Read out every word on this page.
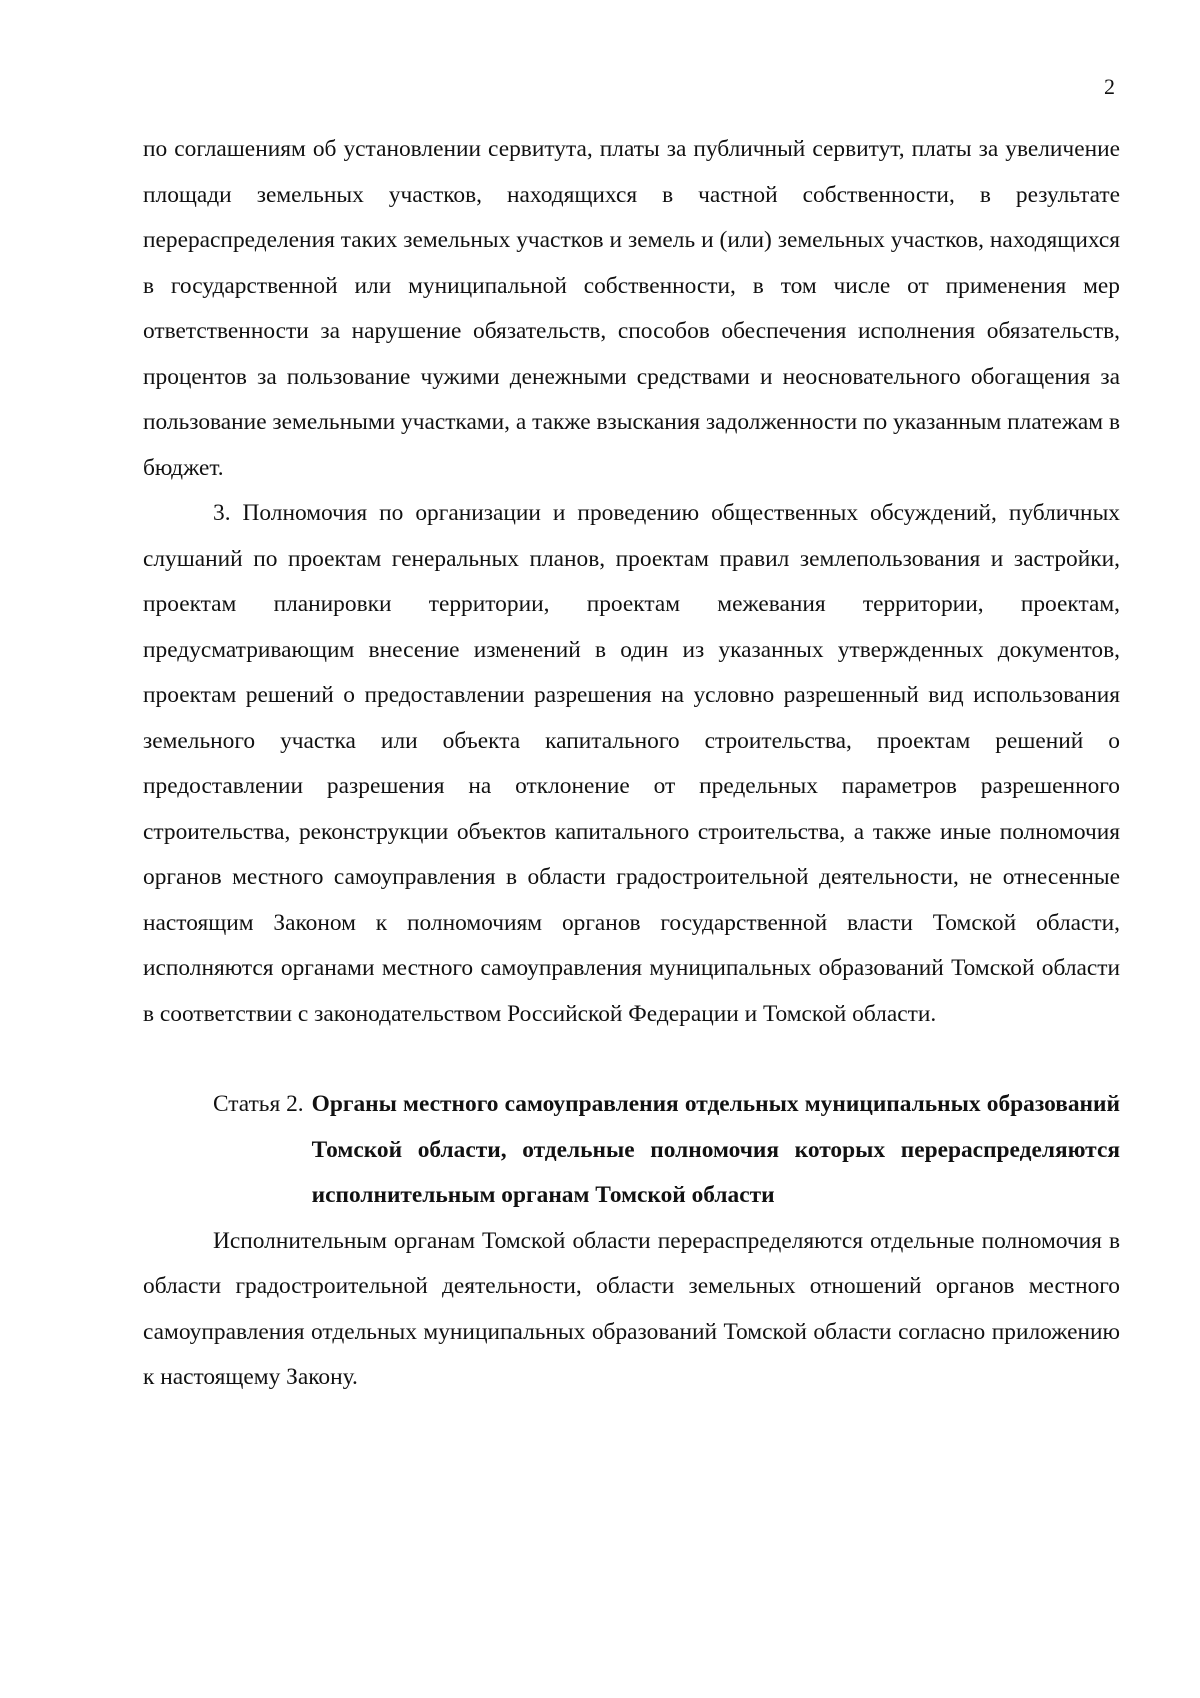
2

по соглашениям об установлении сервитута, платы за публичный сервитут, платы за увеличение площади земельных участков, находящихся в частной собственности, в результате перераспределения таких земельных участков и земель и (или) земельных участков, находящихся в государственной или муниципальной собственности, в том числе от применения мер ответственности за нарушение обязательств, способов обеспечения исполнения обязательств, процентов за пользование чужими денежными средствами и неосновательного обогащения за пользование земельными участками, а также взыскания задолженности по указанным платежам в бюджет.

3. Полномочия по организации и проведению общественных обсуждений, публичных слушаний по проектам генеральных планов, проектам правил землепользования и застройки, проектам планировки территории, проектам межевания территории, проектам, предусматривающим внесение изменений в один из указанных утвержденных документов, проектам решений о предоставлении разрешения на условно разрешенный вид использования земельного участка или объекта капитального строительства, проектам решений о предоставлении разрешения на отклонение от предельных параметров разрешенного строительства, реконструкции объектов капитального строительства, а также иные полномочия органов местного самоуправления в области градостроительной деятельности, не отнесенные настоящим Законом к полномочиям органов государственной власти Томской области, исполняются органами местного самоуправления муниципальных образований Томской области в соответствии с законодательством Российской Федерации и Томской области.

Статья 2. Органы местного самоуправления отдельных муниципальных образований Томской области, отдельные полномочия которых перераспределяются исполнительным органам Томской области

Исполнительным органам Томской области перераспределяются отдельные полномочия в области градостроительной деятельности, области земельных отношений органов местного самоуправления отдельных муниципальных образований Томской области согласно приложению к настоящему Закону.
